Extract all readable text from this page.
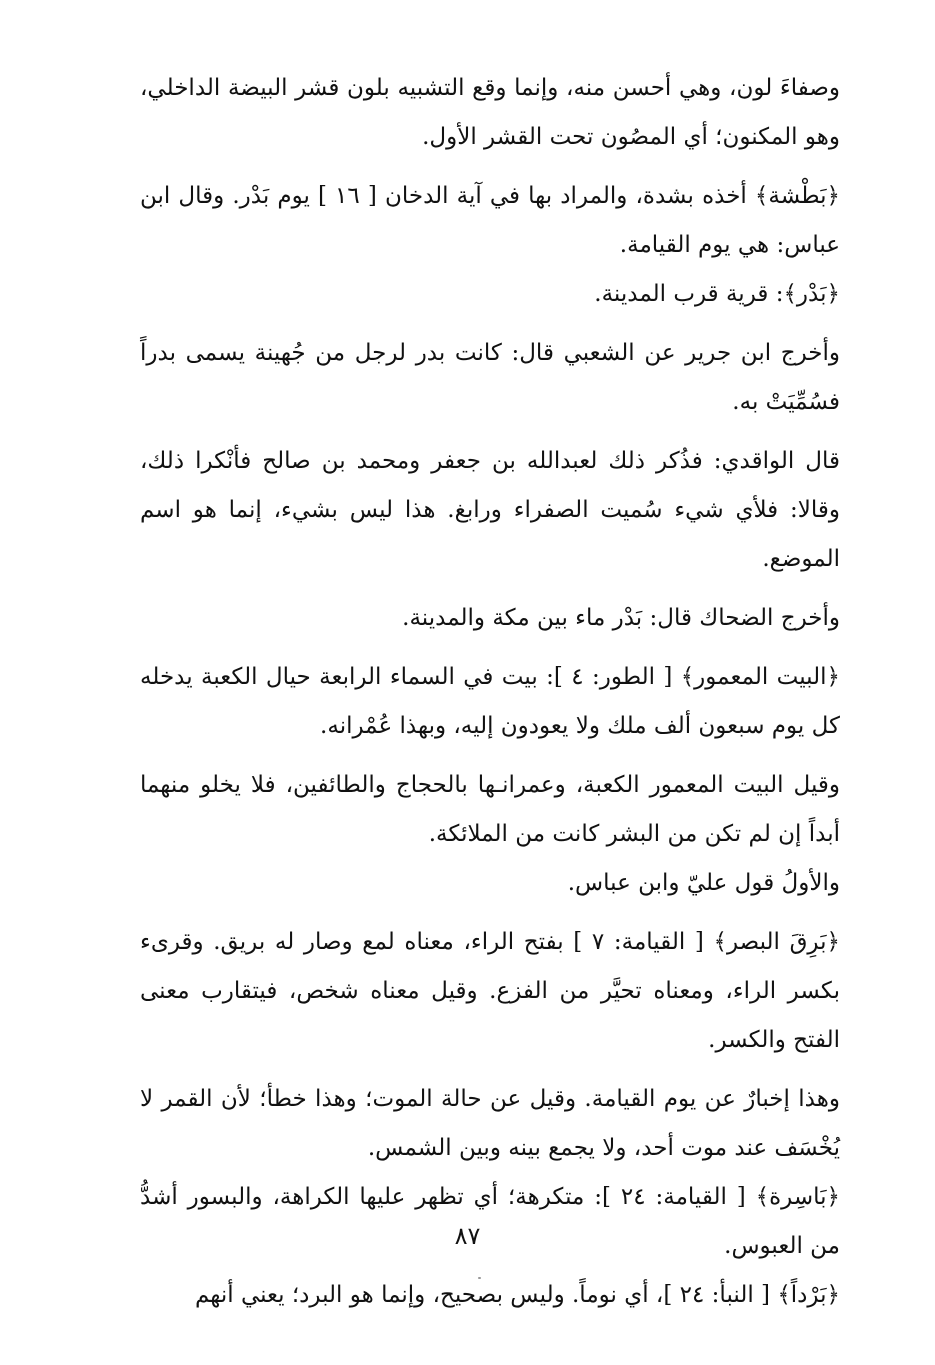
وصفاءَ لون، وهي أحسن منه، وإنما وقع التشبيه بلون قشر البيضة الداخلي، وهو المكنون؛ أي المصُون تحت القشر الأول.

﴿بَطْشة﴾ أخذه بشدة، والمراد بها في آية الدخان [ ١٦ ] يوم بَدْر. وقال ابن عباس: هي يوم القيامة.

﴿بَدْر﴾: قرية قرب المدينة.

وأخرج ابن جرير عن الشعبي قال: كانت بدر لرجل من جُهينة يسمى بدراً فسُمِّيَتْ به.

قال الواقدي: فذُكر ذلك لعبدالله بن جعفر ومحمد بن صالح فأنْكرا ذلك، وقالا: فلأي شيء سُميت الصفراء ورابغ. هذا ليس بشيء، إنما هو اسم الموضع.

وأخرج الضحاك قال: بَدْر ماء بين مكة والمدينة.

﴿البيت المعمور﴾ [ الطور: ٤ ]: بيت في السماء الرابعة حيال الكعبة يدخله كل يوم سبعون ألف ملك ولا يعودون إليه، وبهذا عُمْرانه.

وقيل البيت المعمور الكعبة، وعمرانـها بالحجاج والطائفين، فلا يخلو منهما أبداً إن لم تكن من البشر كانت من الملائكة.

والأولُ قول عليّ وابن عباس.

﴿بَرِقَ البصر﴾ [ القيامة: ٧ ] بفتح الراء، معناه لمع وصار له بريق. وقرىء بكسر الراء، ومعناه تحيَّر من الفزع. وقيل معناه شخص، فيتقارب معنى الفتح والكسر.

وهذا إخبارٌ عن يوم القيامة. وقيل عن حالة الموت؛ وهذا خطأ؛ لأن القمر لا يُخْسَف عند موت أحد، ولا يجمع بينه وبين الشمس.

﴿بَاسِرة﴾ [ القيامة: ٢٤ ]: متكرهة؛ أي تظهر عليها الكراهة، والبسور أشدُّ من العبوس.

﴿بَرْداً﴾ [ النبأ: ٢٤ ]، أي نوماً. وليس بصحيح، وإنما هو البرد؛ يعني أنهم

٨٧
